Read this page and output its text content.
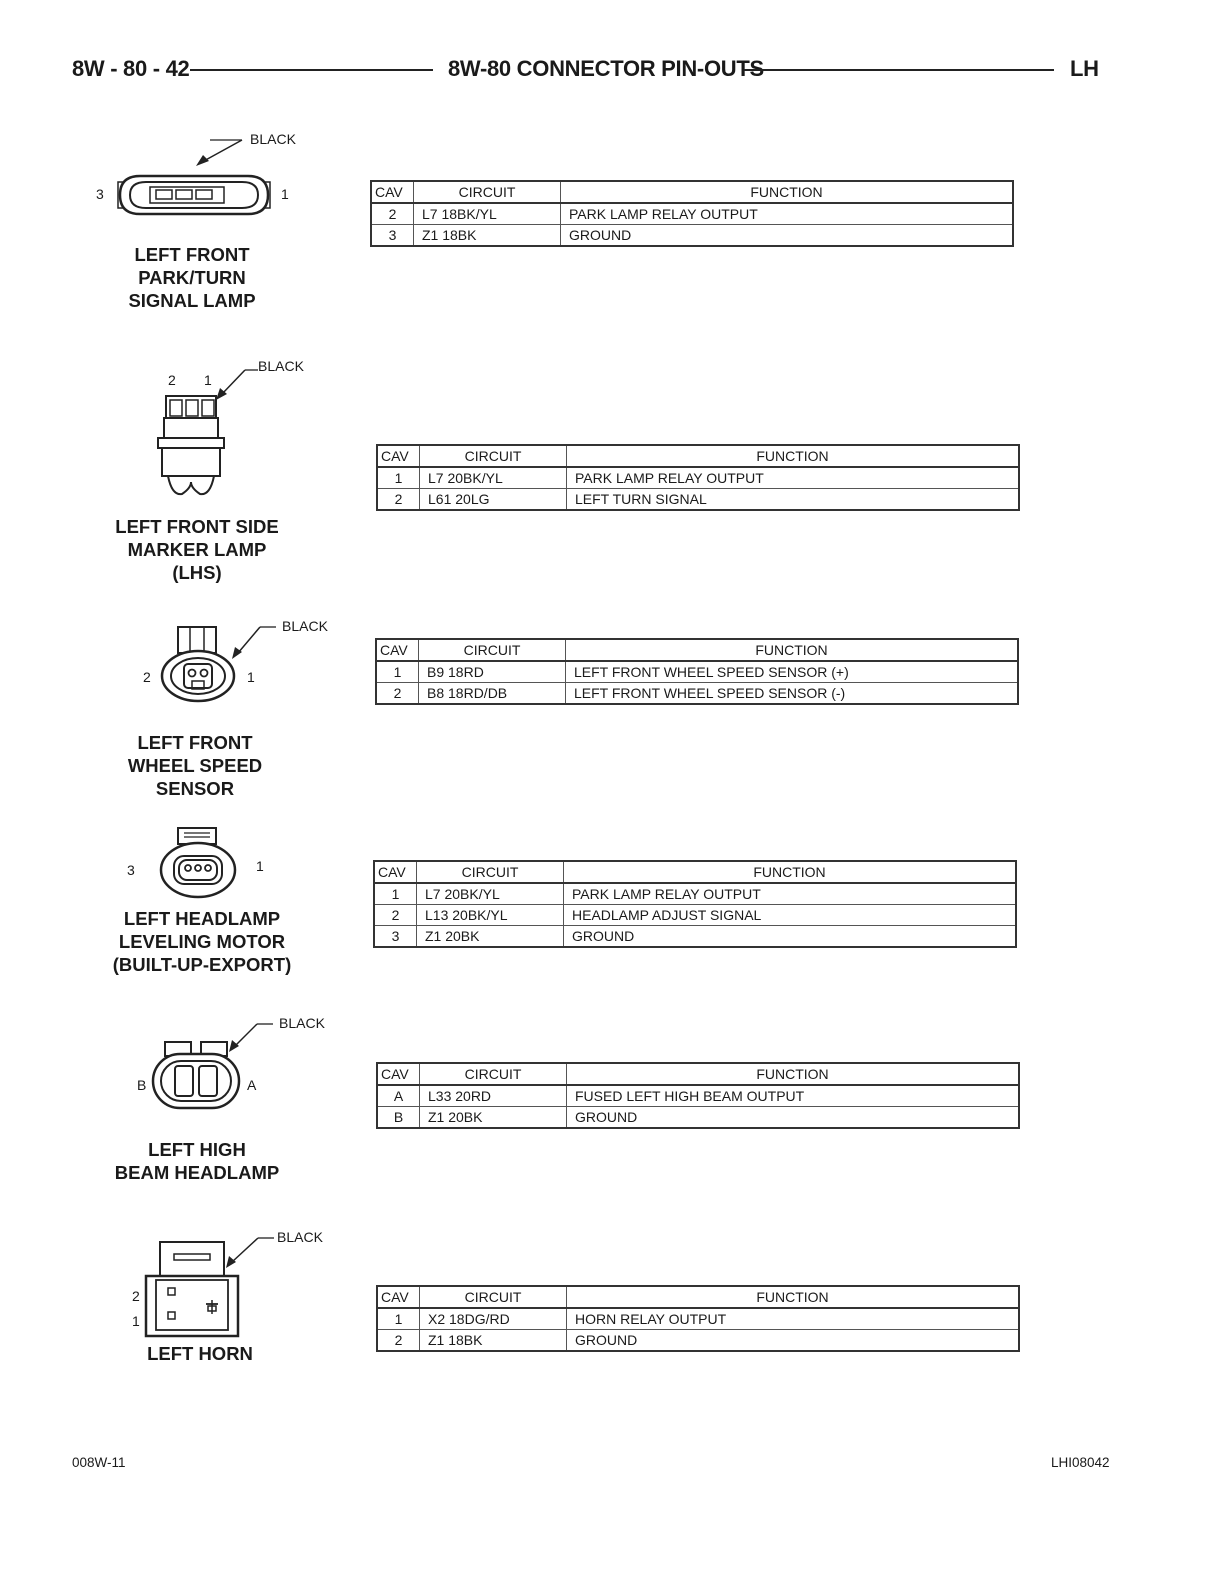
8W - 80 - 42	8W-80 CONNECTOR PIN-OUTS	LH
BLACK
3	1
LEFT FRONT
PARK/TURN
SIGNAL LAMP
CAV	CIRCUIT	FUNCTION
2	L7 18BK/YL	PARK LAMP RELAY OUTPUT
3	Z1 18BK	GROUND
BLACK
2 1
LEFT FRONT SIDE
MARKER LAMP
(LHS)
CAV	CIRCUIT	FUNCTION
1	L7 20BK/YL	PARK LAMP RELAY OUTPUT
2	L61 20LG	LEFT TURN SIGNAL
BLACK
2	1
LEFT FRONT
WHEEL SPEED
SENSOR
CAV	CIRCUIT	FUNCTION
1	B9 18RD	LEFT FRONT WHEEL SPEED SENSOR (+)
2	B8 18RD/DB	LEFT FRONT WHEEL SPEED SENSOR (-)
3	1
LEFT HEADLAMP
LEVELING MOTOR
(BUILT-UP-EXPORT)
CAV	CIRCUIT	FUNCTION
1	L7 20BK/YL	PARK LAMP RELAY OUTPUT
2	L13 20BK/YL	HEADLAMP ADJUST SIGNAL
3	Z1 20BK	GROUND
BLACK
B	A
LEFT HIGH
BEAM HEADLAMP
CAV	CIRCUIT	FUNCTION
A	L33 20RD	FUSED LEFT HIGH BEAM OUTPUT
B	Z1 20BK	GROUND
BLACK
2
1
LEFT HORN
CAV	CIRCUIT	FUNCTION
1	X2 18DG/RD	HORN RELAY OUTPUT
2	Z1 18BK	GROUND
008W-11	LHI08042
